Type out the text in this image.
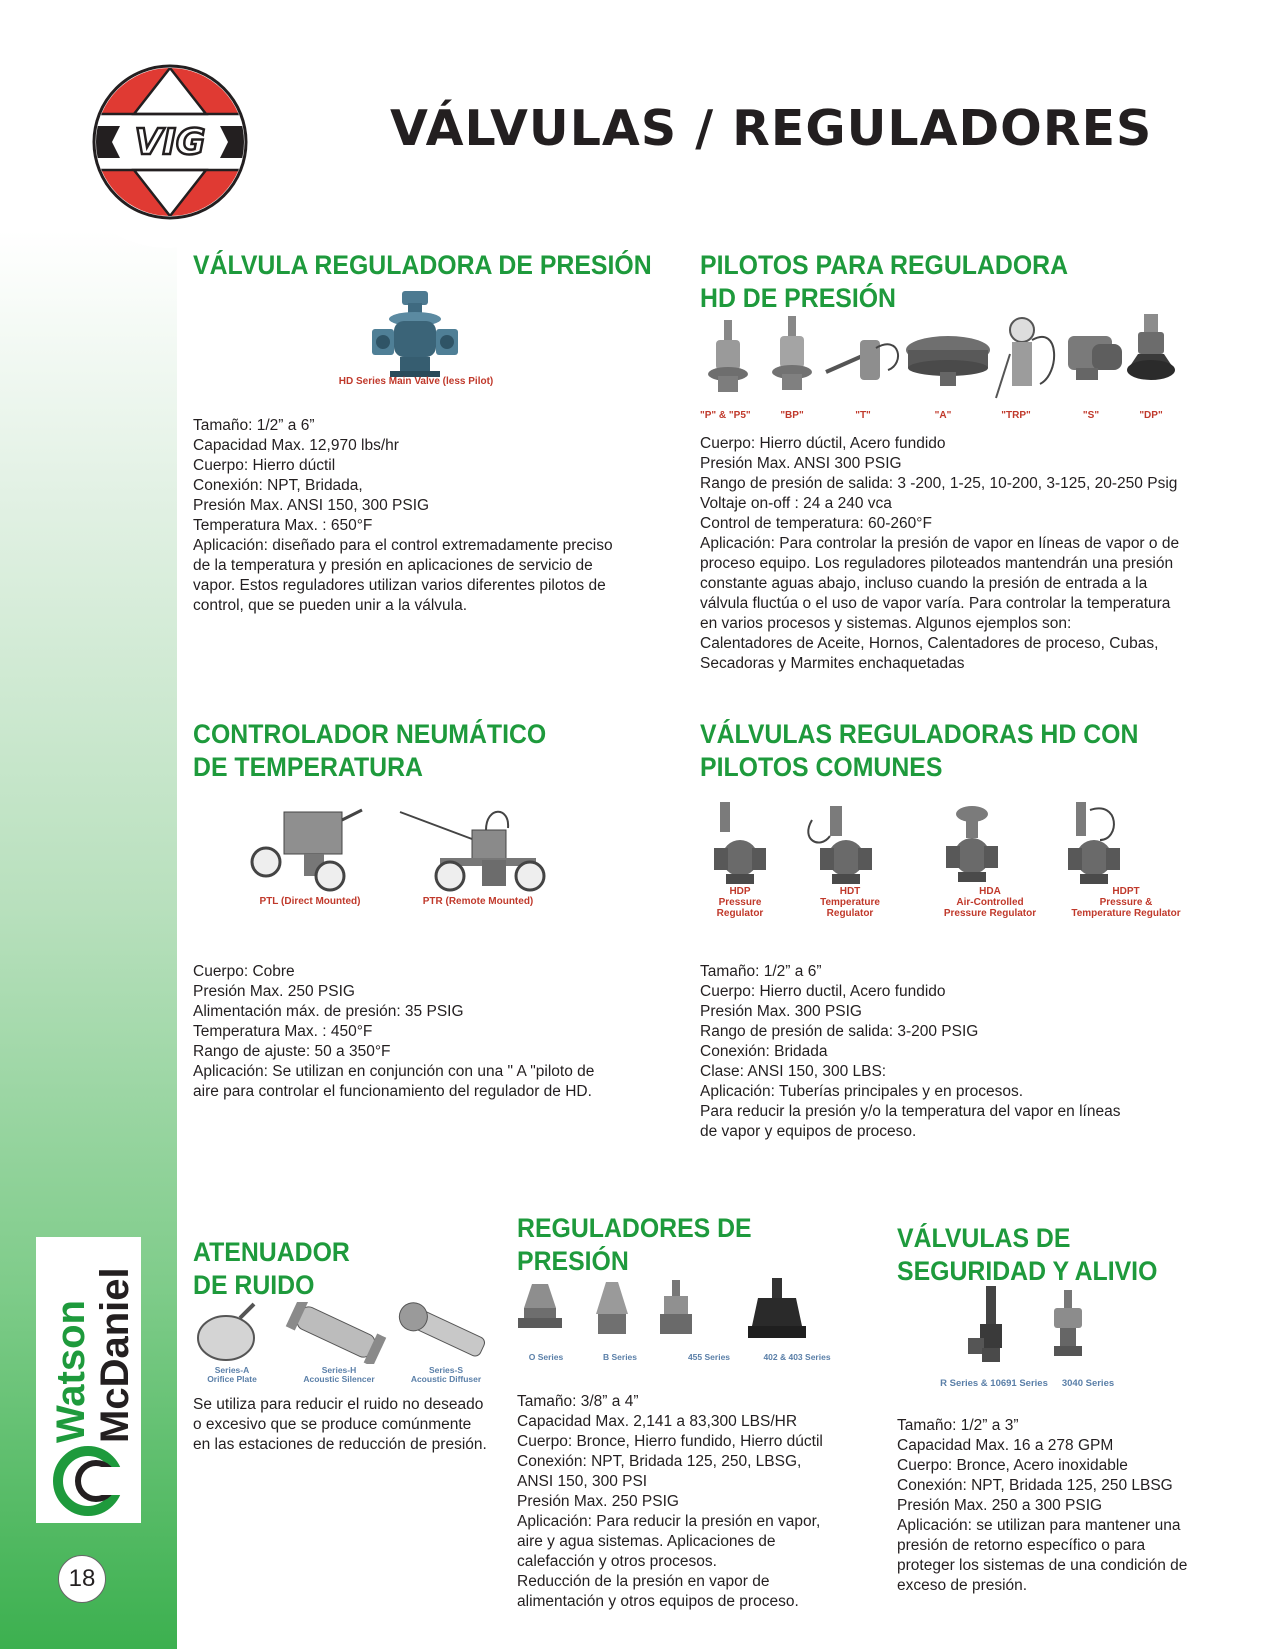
VIG	VÁLVULAS / REGULADORES
VÁLVULA REGULADORA DE PRESIÓN
HD Series Main Valve (less Pilot)
Tamaño: 1/2” a 6”
Capacidad Max. 12,970 lbs/hr
Cuerpo: Hierro dúctil
Conexión: NPT, Bridada,
Presión Max. ANSI 150, 300 PSIG
Temperatura Max. : 650°F
Aplicación: diseñado para el control extremadamente preciso
de la temperatura y presión en aplicaciones de servicio de
vapor. Estos reguladores utilizan varios diferentes pilotos de
control, que se pueden unir a la válvula.
PILOTOS PARA REGULADORA
HD DE PRESIÓN
"P" & "P5"	"BP"	"T"	"A"	"TRP"	"S"	"DP"
Cuerpo: Hierro dúctil, Acero fundido
Presión Max. ANSI 300 PSIG
Rango de presión de salida: 3 -200, 1-25, 10-200, 3-125, 20-250 Psig
Voltaje on-off : 24 a 240 vca
Control de temperatura: 60-260°F
Aplicación: Para controlar la presión de vapor en líneas de vapor o de
proceso equipo. Los reguladores piloteados mantendrán una presión
constante aguas abajo, incluso cuando la presión de entrada a la
válvula fluctúa o el uso de vapor varía. Para controlar la temperatura
en varios procesos y sistemas. Algunos ejemplos son:
Calentadores de Aceite, Hornos, Calentadores de proceso, Cubas,
Secadoras y Marmites enchaquetadas
CONTROLADOR NEUMÁTICO
DE TEMPERATURA
PTL (Direct Mounted)	PTR (Remote Mounted)
Cuerpo: Cobre
Presión Max. 250 PSIG
Alimentación máx. de presión: 35 PSIG
Temperatura Max. : 450°F
Rango de ajuste: 50 a 350°F
Aplicación: Se utilizan en conjunción con una " A "piloto de
aire para controlar el funcionamiento del regulador de HD.
VÁLVULAS REGULADORAS HD CON
PILOTOS COMUNES
HDP
Pressure
Regulator
HDT
Temperature
Regulator
HDA
Air-Controlled
Pressure Regulator
HDPT
Pressure &
Temperature Regulator
Tamaño: 1/2” a 6”
Cuerpo: Hierro ductil, Acero fundido
Presión Max. 300 PSIG
Rango de presión de salida: 3-200 PSIG
Conexión: Bridada
Clase: ANSI 150, 300 LBS:
Aplicación: Tuberías principales y en procesos.
Para reducir la presión y/o la temperatura del vapor en líneas
de vapor y equipos de proceso.
ATENUADOR
DE RUIDO
Series-A
Orifice Plate
Series-H
Acoustic Silencer
Series-S
Acoustic Diffuser
Se utiliza para reducir el ruido no deseado
o excesivo que se produce comúnmente
en las estaciones de reducción de presión.
REGULADORES DE
PRESIÓN
O Series	B Series	455 Series	402 & 403 Series
Tamaño: 3/8” a 4”
Capacidad Max. 2,141 a 83,300 LBS/HR
Cuerpo: Bronce, Hierro fundido, Hierro dúctil
Conexión: NPT, Bridada 125, 250, LBSG,
ANSI 150, 300 PSI
Presión Max. 250 PSIG
Aplicación: Para reducir la presión en vapor,
aire y agua sistemas. Aplicaciones de
calefacción y otros procesos.
Reducción de la presión en vapor de
alimentación y otros equipos de proceso.
VÁLVULAS DE
SEGURIDAD Y ALIVIO
R Series & 10691 Series	3040 Series
Tamaño: 1/2” a 3”
Capacidad Max. 16 a 278 GPM
Cuerpo: Bronce, Acero inoxidable
Conexión: NPT, Bridada 125, 250 LBSG
Presión Max. 250 a 300 PSIG
Aplicación: se utilizan para mantener una
presión de retorno específico o para
proteger los sistemas de una condición de
exceso de presión.
Watson McDaniel
18
